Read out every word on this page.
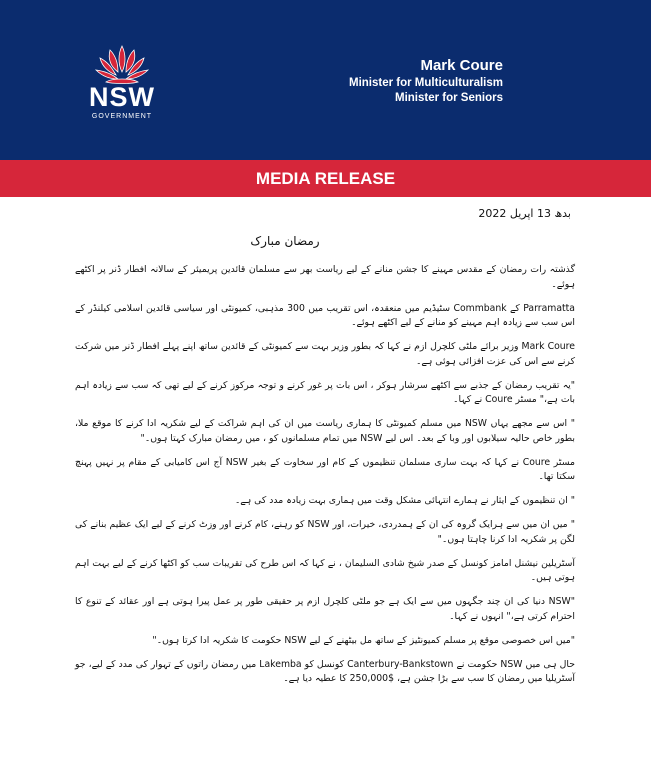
NSW
GOVERNMENT
Mark Coure
Minister for Multiculturalism
Minister for Seniors
MEDIA RELEASE
بدھ 13 اپریل 2022
رمضان مبارک

گذشتہ رات رمضان کے مقدس مہینے کا جشن منانے کے لیے ریاست بھر سے مسلمان قائدین پریمیئر کے سالانہ افطار ڈنر پر اکٹھے ہوئے۔

Parramatta کے Commbank سٹیڈیم میں منعقدہ، اس تقریب میں 300 مذہبی، کمیونٹی اور سیاسی قائدین اسلامی کیلنڈر کے اس سب سے زیادہ اہم مہینے کو منانے کے لیے اکٹھے ہوئے۔

Mark Coure وزیر برائے ملٹی کلچرل ازم نے کہا کہ بطور وزیر بہت سے کمیونٹی کے قائدین ساتھ اپنے پہلے افطار ڈنر میں شرکت کرنے سے اس کی عزت افزائی ہوئی ہے۔

"یہ تقریب رمضان کے جذبے سے اکٹھے سرشار ہوکر ، اس بات پر غور کرنے و توجہ مرکوز کرنے کے لیے تھی کہ سب سے زیادہ اہم بات ہے،" مسٹر Coure نے کہا۔

" اس سے مجھے یہاں NSW میں مسلم کمیونٹی کا ہماری ریاست میں ان کی اہم شراکت کے لیے شکریہ ادا کرنے کا موقع ملا، بطور خاص حالیہ سیلابوں اور وبا کے بعد۔ اس لیے NSW میں تمام مسلمانوں کو ، میں رمضان مبارک کہتا ہوں۔"

مسٹر Coure نے کہا کہ بہت ساری مسلمان تنظیموں کے کام اور سخاوت کے بغیر NSW آج اس کامیابی کے مقام پر نہیں پہنچ سکتا تھا۔

" ان تنظیموں کے ایثار نے ہمارے انتہائی مشکل وقت میں ہماری بہت زیادہ مدد کی ہے۔

" میں ان میں سے ہرایک گروہ کی ان کے ہمدردی، خیرات، اور NSW کو رہنے، کام کرنے اور وزٹ کرنے کے لیے ایک عظیم بنانے کی لگن پر شکریہ ادا کرنا چاہتا ہوں۔"

آسٹریلین نیشنل امامز کونسل کے صدر شیخ شادی السلیمان ، نے کہا کہ اس طرح کی تقریبات سب کو اکٹھا کرنے کے لیے بہت اہم ہوتی ہیں۔

"NSW دنیا کی ان چند جگہوں میں سے ایک ہے جو ملٹی کلچرل ازم پر حقیقی طور پر عمل پیرا ہوتی ہے اور عقائد کے تنوع کا احترام کرتی ہے،" انہوں نے کہا۔

"میں اس خصوصی موقع پر مسلم کمیونٹیز کے ساتھ مل بیٹھنے کے لیے NSW حکومت کا شکریہ ادا کرتا ہوں۔"

حال ہی میں NSW حکومت نے Canterbury-Bankstown کونسل کو Lakemba میں رمضان راتوں کے تہوار کی مدد کے لیے، جو آسٹریلیا میں رمضان کا سب سے بڑا جشن ہے، $250,000 کا عطیہ دیا ہے۔
